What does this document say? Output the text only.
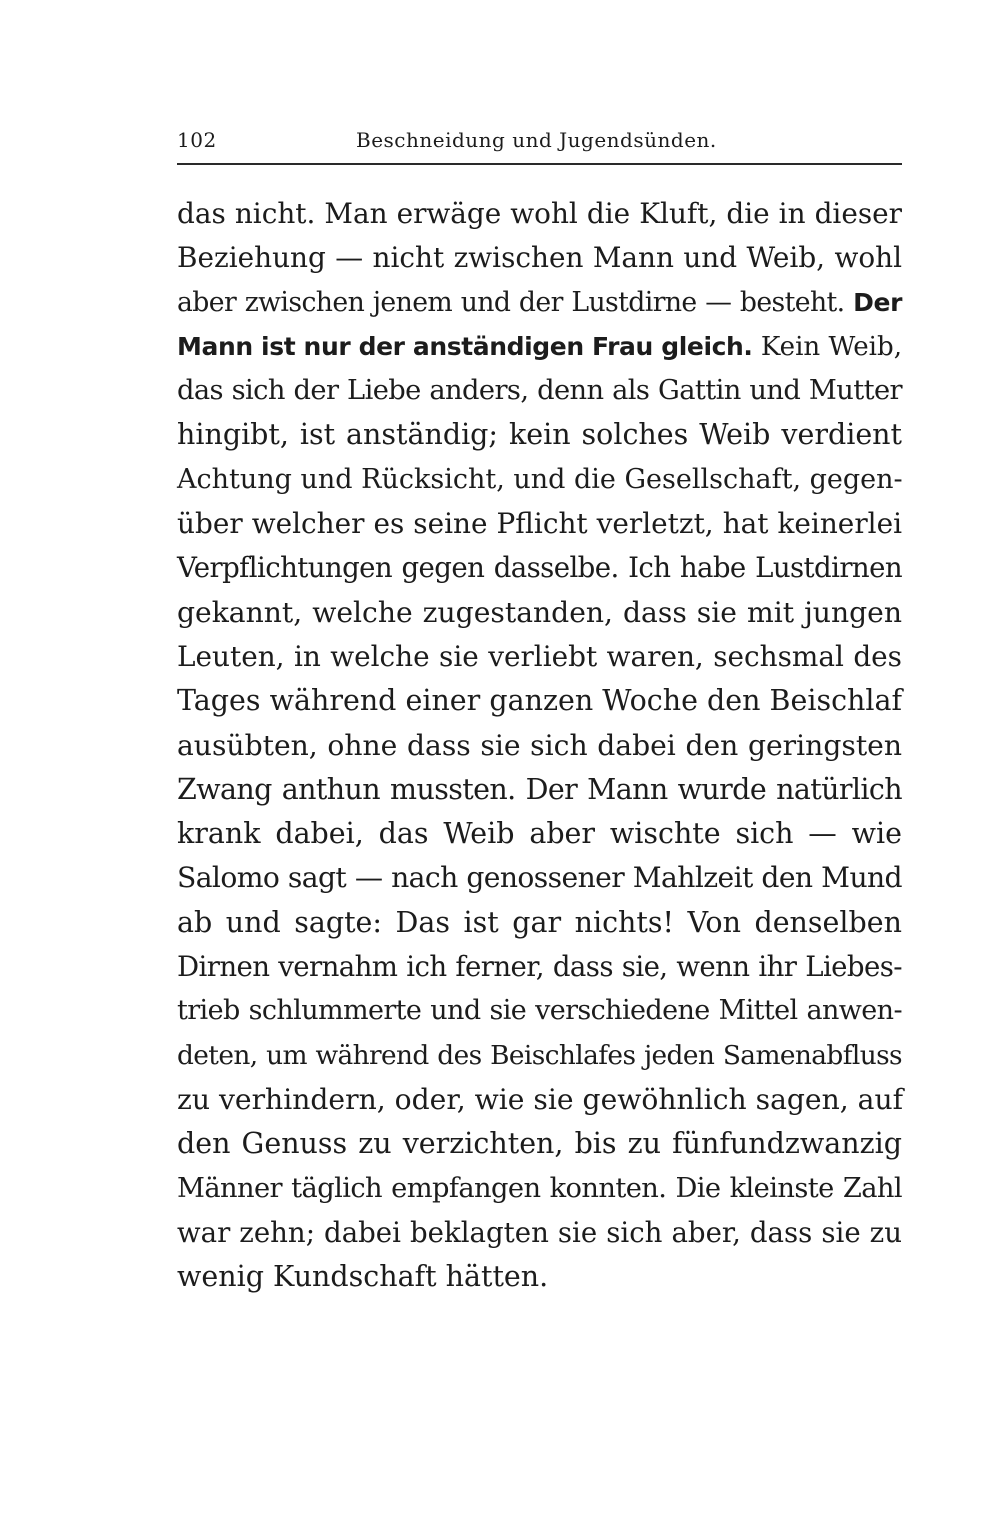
102	Beschneidung und Jugendsünden.
das nicht. Man erwäge wohl die Kluft, die in dieser
Beziehung — nicht zwischen Mann und Weib, wohl
aber zwischen jenem und der Lustdirne — besteht. Der
Mann ist nur der anständigen Frau gleich. Kein Weib,
das sich der Liebe anders, denn als Gattin und Mutter
hingibt, ist anständig; kein solches Weib verdient
Achtung und Rücksicht, und die Gesellschaft, gegen-
über welcher es seine Pflicht verletzt, hat keinerlei
Verpflichtungen gegen dasselbe. Ich habe Lustdirnen
gekannt, welche zugestanden, dass sie mit jungen
Leuten, in welche sie verliebt waren, sechsmal des
Tages während einer ganzen Woche den Beischlaf
ausübten, ohne dass sie sich dabei den geringsten
Zwang anthun mussten. Der Mann wurde natürlich
krank dabei, das Weib aber wischte sich — wie
Salomo sagt — nach genossener Mahlzeit den Mund
ab und sagte: Das ist gar nichts! Von denselben
Dirnen vernahm ich ferner, dass sie, wenn ihr Liebes-
trieb schlummerte und sie verschiedene Mittel anwen-
deten, um während des Beischlafes jeden Samenabfluss
zu verhindern, oder, wie sie gewöhnlich sagen, auf
den Genuss zu verzichten, bis zu fünfundzwanzig
Männer täglich empfangen konnten. Die kleinste Zahl
war zehn; dabei beklagten sie sich aber, dass sie zu
wenig Kundschaft hätten.
